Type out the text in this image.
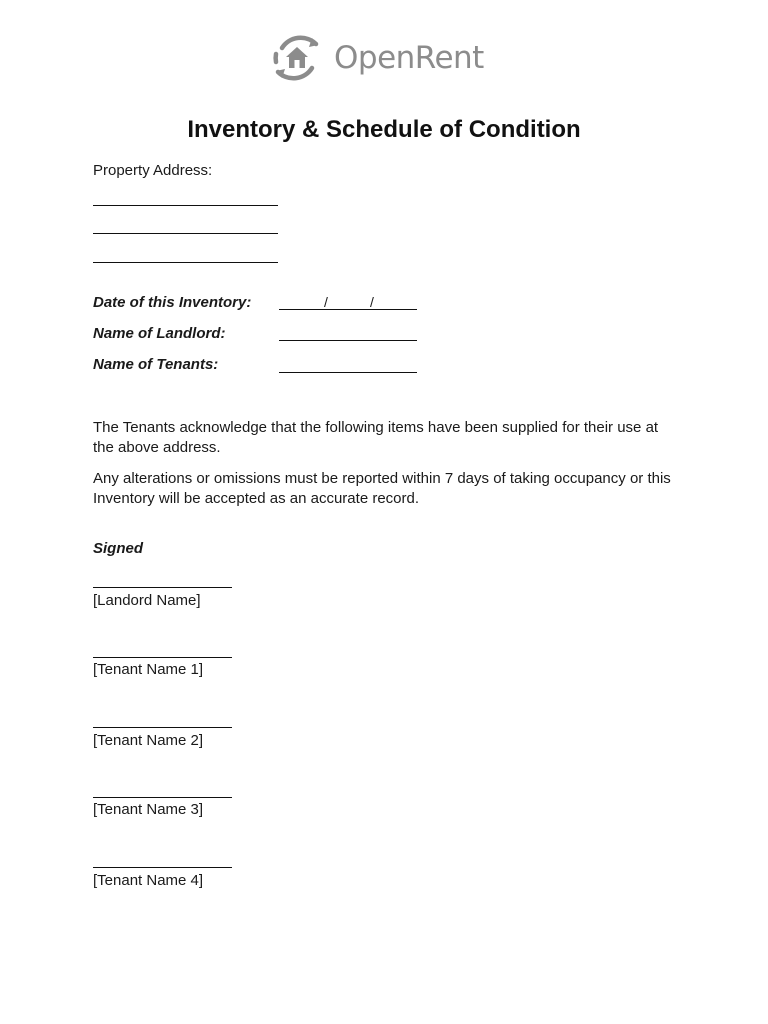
OpenRent
Inventory & Schedule of Condition
Property Address:
Date of this Inventory:	/	/
Name of Landlord:
Name of Tenants:
The Tenants acknowledge that the following items have been supplied for their use at the above address.
Any alterations or omissions must be reported within 7 days of taking occupancy or this Inventory will be accepted as an accurate record.
Signed
[Landord Name]
[Tenant Name 1]
[Tenant Name 2]
[Tenant Name 3]
[Tenant Name 4]
